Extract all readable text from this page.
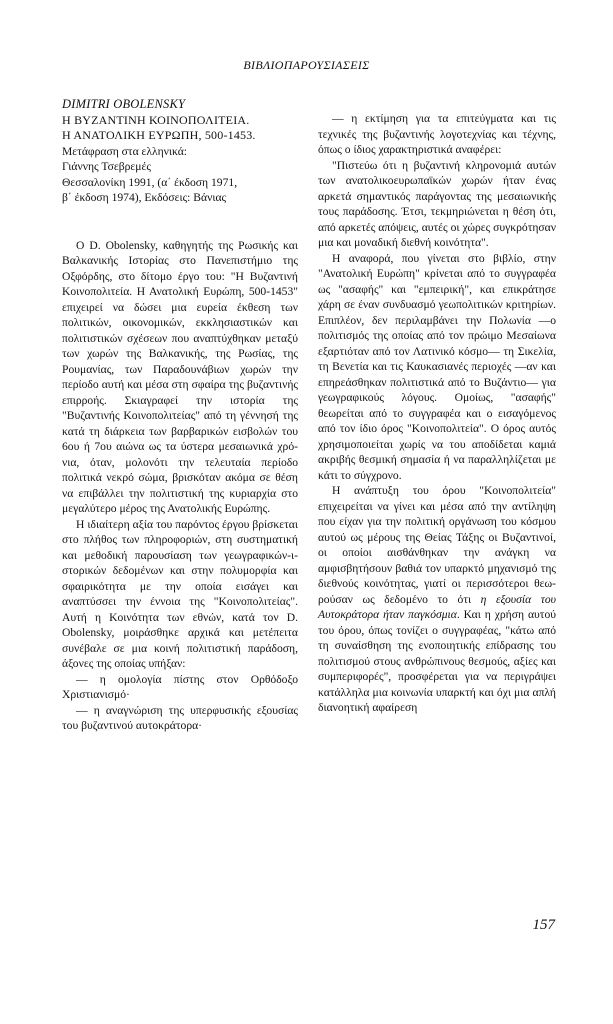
ΒΙΒΛΙΟΠΑΡΟΥΣΙΑΣΕΙΣ
DIMITRI OBOLENSKY
Η ΒΥΖΑΝΤΙΝΗ ΚΟΙΝΟΠΟΛΙΤΕΙΑ.
Η ΑΝΑΤΟΛΙΚΗ ΕΥΡΩΠΗ, 500-1453.
Μετάφραση στα ελληνικά:
Γιάννης Τσεβρεμές
Θεσσαλονίκη 1991, (α΄ έκδοση 1971,
β΄ έκδοση 1974), Εκδόσεις: Βάνιας

Ο D. Obolensky, καθηγητής της Ρωσικής και Βαλκανικής Ιστορίας στο Πανεπιστήμιο της Οξφόρδης, στο δίτομο έργο του: "Η Βυζαντινή Κοινοπολιτεία. Η Ανατολική Ευρώπη, 500-1453" επιχειρεί να δώσει μια ευρεία έκθεση των πολιτικών, οικονομικών, εκκλησιαστικών και πολιτιστικών σχέσεων που αναπτύχθηκαν μεταξύ των χωρών της Βαλκανικής, της Ρωσίας, της Ρουμανίας, των Παραδουνάβιων χωρών την περίοδο αυτή και μέσα στη σφαίρα της βυζαντινής επιρροής. Σκιαγραφεί την ιστορία της "Βυζαντινής Κοινοπολιτείας" από τη γέννησή της κατά τη διάρκεια των βαρβαρικών εισβολών του 6ου ή 7ου αιώνα ως τα ύστερα μεσαιωνικά χρόνια, όταν, μολονότι την τελευταία περίοδο πολιτικά νεκρό σώμα, βρισκόταν ακόμα σε θέση να επιβάλλει την πολιτιστική της κυριαρχία στο μεγαλύτερο μέρος της Ανατολικής Ευρώπης.

Η ιδιαίτερη αξία του παρόντος έργου βρίσκεται στο πλήθος των πληροφοριών, στη συστηματική και μεθοδική παρουσίαση των γεωγραφικών-ιστορικών δεδομένων και στην πολυμορφία και σφαιρικότητα με την οποία εισάγει και αναπτύσσει την έννοια της "Κοινοπολιτείας". Αυτή η Κοινότητα των εθνών, κατά τον D. Obolensky, μοιράσθηκε αρχικά και μετέπειτα συνέβαλε σε μια κοινή πολιτιστική παράδοση, άξονες της οποίας υπήξαν:

— η ομολογία πίστης στον Ορθόδοξο Χριστιανισμό·

— η αναγνώριση της υπερφυσικής εξουσίας του βυζαντινού αυτοκράτορα·

— η εκτίμηση για τα επιτεύγματα και τις τεχνικές της βυζαντινής λογοτεχνίας και τέχνης, όπως ο ίδιος χαρακτηριστικά αναφέρει:

"Πιστεύω ότι η βυζαντινή κληρονομιά αυτών των ανατολικοευρωπαϊκών χωρών ήταν ένας αρκετά σημαντικός παράγοντας της μεσαιωνικής τους παράδοσης. Έτσι, τεκμηριώνεται η θέση ότι, από αρκετές απόψεις, αυτές οι χώρες συγκρότησαν μια και μοναδική διεθνή κοινότητα".

Η αναφορά, που γίνεται στο βιβλίο, στην "Ανατολική Ευρώπη" κρίνεται από το συγγραφέα ως "ασαφής" και "εμπειρική", και επικράτησε χάρη σε έναν συνδυασμό γεωπολιτικών κριτηρίων. Επιπλέον, δεν περιλαμβάνει την Πολωνία —ο πολιτισμός της οποίας από τον πρώιμο Μεσαίωνα εξαρτιόταν από τον Λατινικό κόσμο— τη Σικελία, τη Βενετία και τις Καυκασιανές περιοχές —αν και επηρεάσθηκαν πολιτιστικά από το Βυζάντιο— για γεωγραφικούς λόγους. Ομοίως, "ασαφής" θεωρείται από το συγγραφέα και ο εισαγόμενος από τον ίδιο όρος "Κοινοπολιτεία". Ο όρος αυτός χρησιμοποιείται χωρίς να του αποδίδεται καμιά ακριβής θεσμική σημασία ή να παραλληλίζεται με κάτι το σύγχρονο.

Η ανάπτυξη του όρου "Κοινοπολιτεία" επιχειρείται να γίνει και μέσα από την αντίληψη που είχαν για την πολιτική οργάνωση του κόσμου αυτού ως μέρους της Θείας Τάξης οι Βυζαντινοί, οι οποίοι αισθάνθηκαν την ανάγκη να αμφισβητήσουν βαθιά τον υπαρκτό μηχανισμό της διεθνούς κοινότητας, γιατί οι περισσότεροι θεωρούσαν ως δεδομένο το ότι η εξουσία του Αυτοκράτορα ήταν παγκόσμια. Και η χρήση αυτού του όρου, όπως τονίζει ο συγγραφέας, "κάτω από τη συναίσθηση της ενοποιητικής επίδρασης του πολιτισμού στους ανθρώπινους θεσμούς, αξίες και συμπεριφορές", προσφέρεται για να περιγράψει κατάλληλα μια κοινωνία υπαρκτή και όχι μια απλή διανοητική αφαίρεση

157
